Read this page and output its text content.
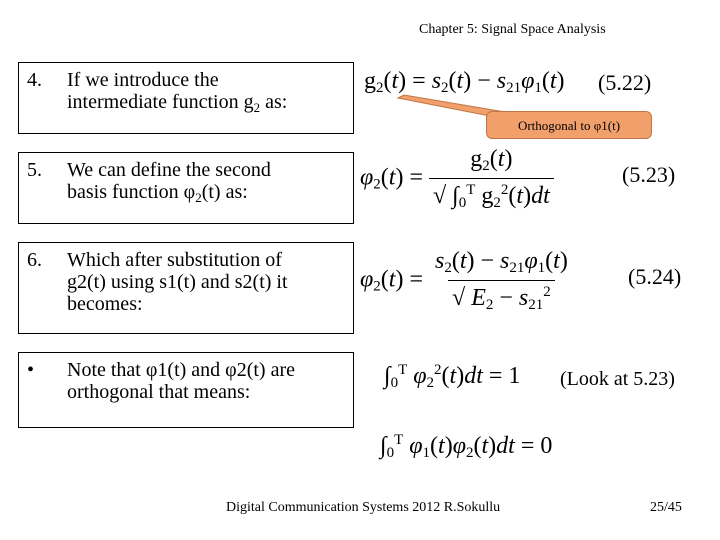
Chapter 5: Signal Space Analysis
4. If we introduce the
intermediate function $g_2$ as:
5. We can define the second
basis function $\varphi_2(t)$ as:
6. Which after substitution of
g2(t) using s1(t) and s2(t) it
becomes:
• Note that φ1(t) and φ2(t) are
orthogonal that means:
$g_2(t) = s_2(t) - s_{21}\varphi_1(t)$ (5.22)
Orthogonal to φ1(t)
$\varphi_2(t) = \frac{g_2(t)}{√ \int_0^T g_2^2(t)dt}$	(5.23)
$\varphi_2(t) = \frac{s_2(t) - s_{21}\varphi_1(t)}{√ E_2 - s_{21}^2} (5.24)$
$\int_0^T$ $\varphi_2^2(t)dt = 1$ (Look at 5.23)
$\int_0^T$ $\varphi_1(t)\varphi_2(t)dt = 0$
Digital Communication Systems 2012 R.Sokullu	25/45
